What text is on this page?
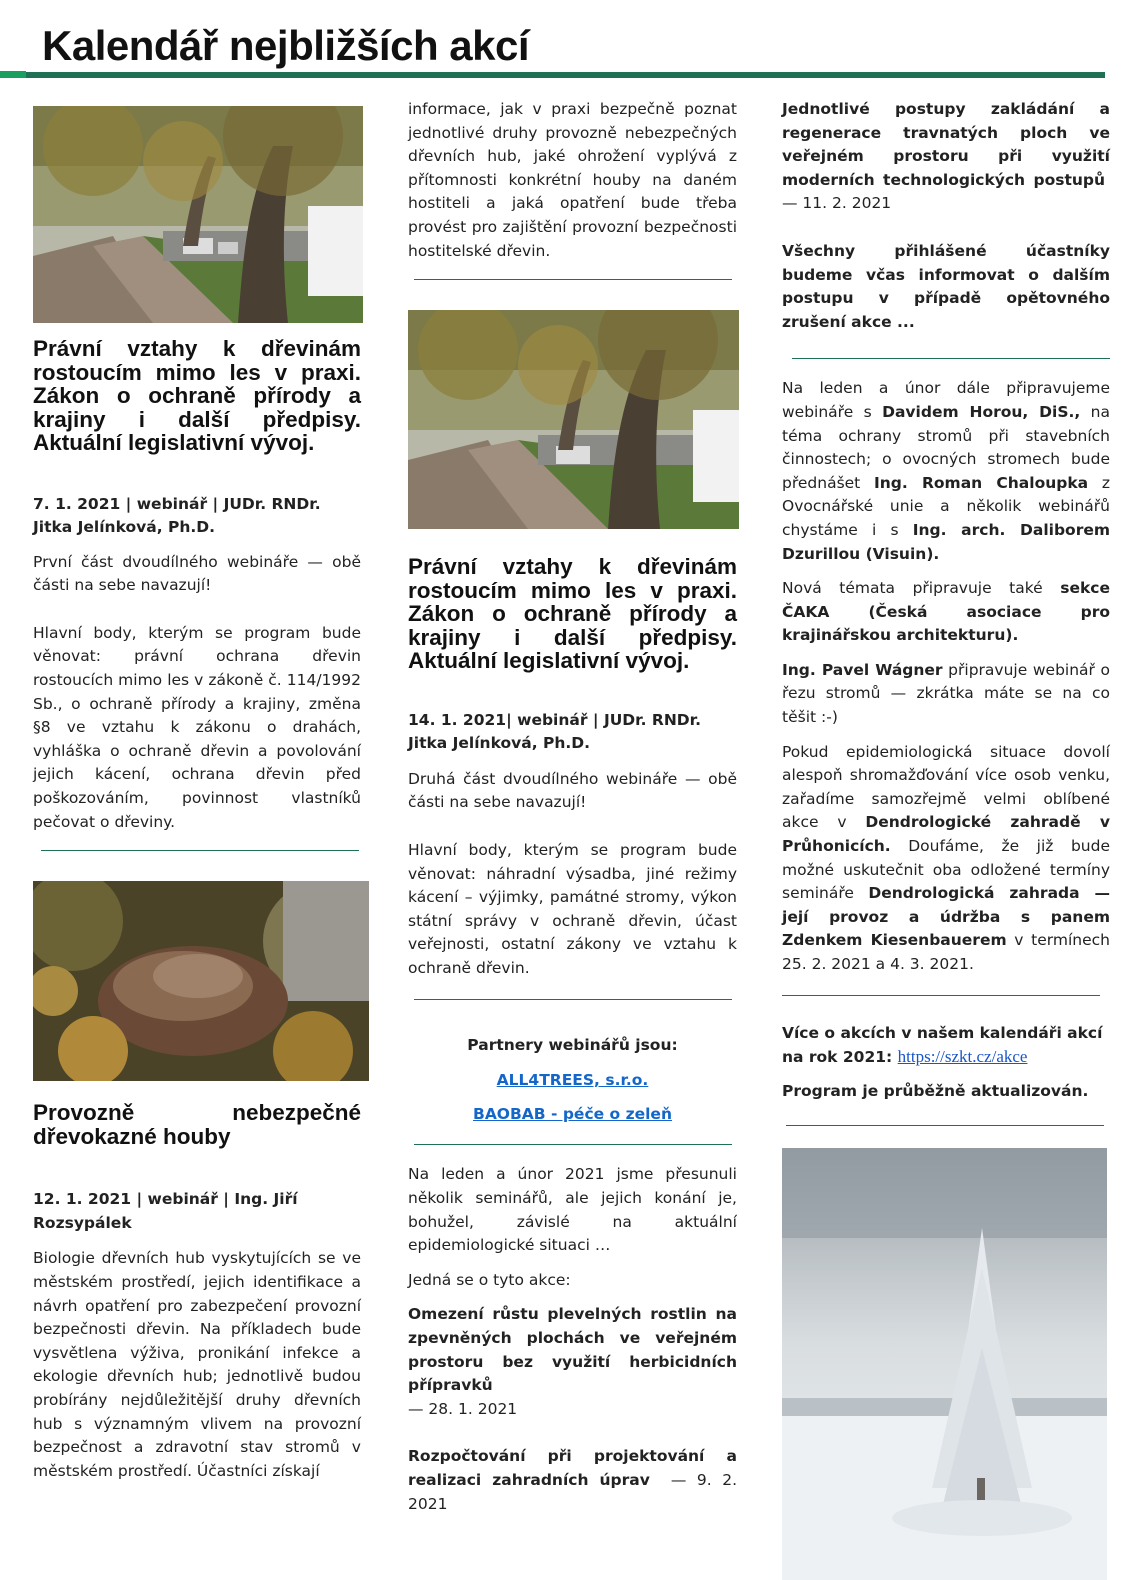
Kalendář nejbližších akcí
Právní vztahy k dřevinám rostoucím mimo les v praxi. Zákon o ochraně přírody a krajiny i další předpisy. Aktuální legislativní vývoj.

7. 1. 2021 | webinář | JUDr. RNDr. Jitka Jelínková, Ph.D.

První část dvoudílného webináře — obě části na sebe navazují!

Hlavní body, kterým se program bude věnovat: právní ochrana dřevin rostoucích mimo les v zákoně č. 114/1992 Sb., o ochraně přírody a krajiny, změna §8 ve vztahu k zákonu o drahách, vyhláška o ochraně dřevin a povolování jejich kácení, ochrana dřevin před poškozováním, povinnost vlastníků pečovat o dřeviny.

Provozně nebezpečné dřevokazné houby

12. 1. 2021 | webinář | Ing. Jiří Rozsypálek

Biologie dřevních hub vyskytujících se ve městském prostředí, jejich identifikace a návrh opatření pro zabezpečení provozní bezpečnosti dřevin. Na příkladech bude vysvětlena výživa, pronikání infekce a ekologie dřevních hub; jednotlivě budou probírány nejdůležitější druhy dřevních hub s významným vlivem na provozní bezpečnost a zdravotní stav stromů v městském prostředí. Účastníci získají

informace, jak v praxi bezpečně poznat jednotlivé druhy provozně nebezpečných dřevních hub, jaké ohrožení vyplývá z přítomnosti konkrétní houby na daném hostiteli a jaká opatření bude třeba provést pro zajištění provozní bezpečnosti hostitelské dřevin.

Právní vztahy k dřevinám rostoucím mimo les v praxi. Zákon o ochraně přírody a krajiny i další předpisy. Aktuální legislativní vývoj.

14. 1. 2021| webinář | JUDr. RNDr. Jitka Jelínková, Ph.D.

Druhá část dvoudílného webináře — obě části na sebe navazují!

Hlavní body, kterým se program bude věnovat: náhradní výsadba, jiné režimy kácení – výjimky, památné stromy, výkon státní správy v ochraně dřevin, účast veřejnosti, ostatní zákony ve vztahu k ochraně dřevin.

Partnery webinářů jsou:

ALL4TREES, s.r.o.

BAOBAB - péče o zeleň

Na leden a únor 2021 jsme přesunuli několik seminářů, ale jejich konání je, bohužel, závislé na aktuální epidemiologické situaci …

Jedná se o tyto akce:

Omezení růstu plevelných rostlin na zpevněných plochách ve veřejném prostoru bez využití herbicidních přípravků
— 28. 1. 2021

Rozpočtování při projektování a realizaci zahradních úprav — 9. 2. 2021

Jednotlivé postupy zakládání a regenerace travnatých ploch ve veřejném prostoru při využití moderních technologických postupů  — 11. 2. 2021

Všechny přihlášené účastníky budeme včas informovat o dalším postupu v případě opětovného zrušení akce ...

Na leden a únor dále připravujeme webináře s Davidem Horou, DiS., na téma ochrany stromů při stavebních činnostech; o ovocných stromech bude přednášet Ing. Roman Chaloupka z Ovocnářské unie a několik webinářů chystáme i s Ing. arch. Daliborem Dzurillou (Visuin).

Nová témata připravuje také sekce ČAKA (Česká asociace pro krajinářskou architekturu).

Ing. Pavel Wágner připravuje webinář o řezu stromů — zkrátka máte se na co těšit :-)

Pokud epidemiologická situace dovolí alespoň shromažďování více osob venku, zařadíme samozřejmě velmi oblíbené akce v Dendrologické zahradě v Průhonicích. Doufáme, že již bude možné uskutečnit oba odložené termíny semináře Dendrologická zahrada — její provoz a údržba s panem Zdenkem Kiesenbauerem v termínech 25. 2. 2021 a 4. 3. 2021.

Více o akcích v našem kalendáři akcí na rok 2021: https://szkt.cz/akce

Program je průběžně aktualizován.
